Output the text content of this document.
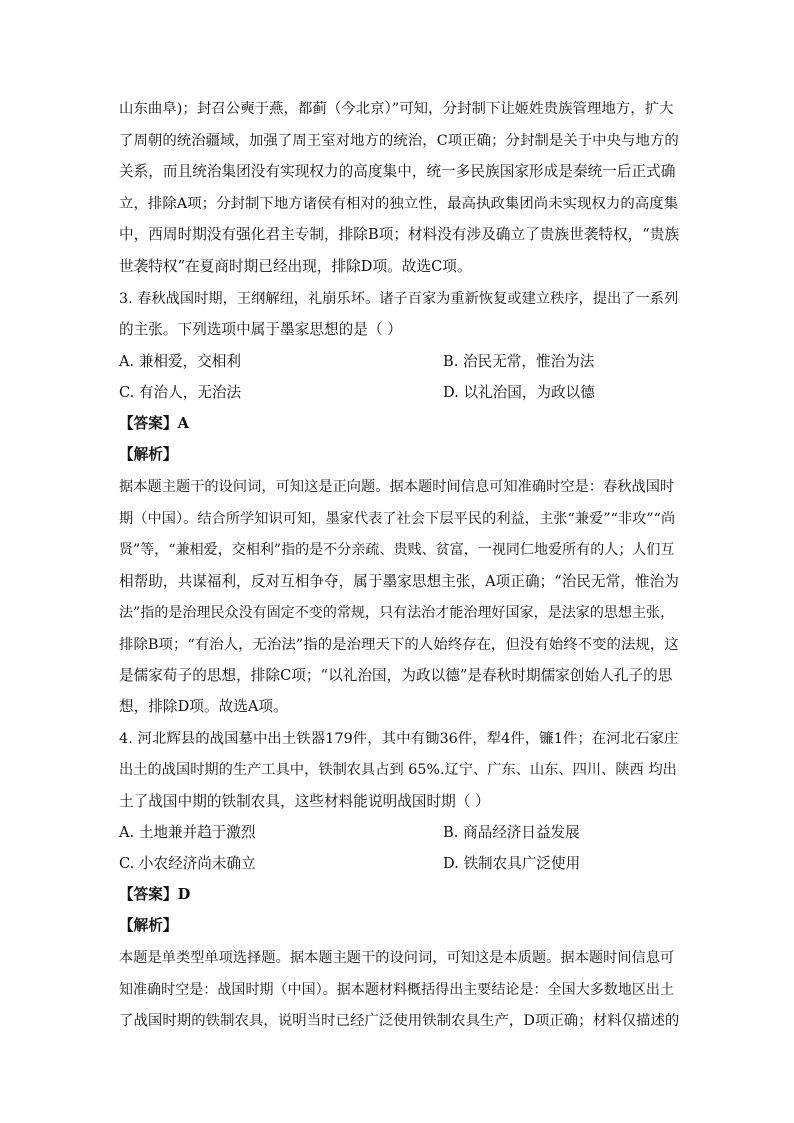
山东曲阜)；封召公奭于燕，都蓟（今北京）”可知，分封制下让姬姓贵族管理地方，扩大
了周朝的统治疆域，加强了周王室对地方的统治，C项正确；分封制是关于中央与地方的
关系，而且统治集团没有实现权力的高度集中，统一多民族国家形成是秦统一后正式确
立，排除A项；分封制下地方诸侯有相对的独立性，最高执政集团尚未实现权力的高度集
中，西周时期没有强化君主专制，排除B项；材料没有涉及确立了贵族世袭特权，“贵族
世袭特权”在夏商时期已经出现，排除D项。故选C项。
3. 春秋战国时期，王纲解纽，礼崩乐坏。诸子百家为重新恢复或建立秩序，提出了一系列
的主张。下列选项中属于墨家思想的是（ ）
A. 兼相爱，交相利	B. 治民无常，惟治为法
C. 有治人，无治法	D. 以礼治国，为政以德
【答案】A
【解析】
据本题主题干的设问词，可知这是正向题。据本题时间信息可知准确时空是：春秋战国时
期（中国）。结合所学知识可知，墨家代表了社会下层平民的利益，主张“兼爱”“非攻”“尚
贤”等，“兼相爱，交相利”指的是不分亲疏、贵贱、贫富，一视同仁地爱所有的人；人们互
相帮助，共谋福利，反对互相争夺，属于墨家思想主张，A项正确；“治民无常，惟治为
法”指的是治理民众没有固定不变的常规，只有法治才能治理好国家，是法家的思想主张，
排除B项；“有治人，无治法”指的是治理天下的人始终存在，但没有始终不变的法规，这
是儒家荀子的思想，排除C项；“以礼治国，为政以德”是春秋时期儒家创始人孔子的思
想，排除D项。故选A项。
4. 河北辉县的战国墓中出土铁器179件，其中有锄36件，犁4件，镰1件；在河北石家庄
出土的战国时期的生产工具中，铁制农具占到 65%.辽宁、广东、山东、四川、陕西 均出
土了战国中期的铁制农具，这些材料能说明战国时期（ ）
A. 土地兼并趋于激烈	B. 商品经济日益发展
C. 小农经济尚未确立	D. 铁制农具广泛使用
【答案】D
【解析】
本题是单类型单项选择题。据本题主题干的设问词，可知这是本质题。据本题时间信息可
知准确时空是：战国时期（中国）。据本题材料概括得出主要结论是：全国大多数地区出土
了战国时期的铁制农具，说明当时已经广泛使用铁制农具生产，D项正确；材料仅描述的
